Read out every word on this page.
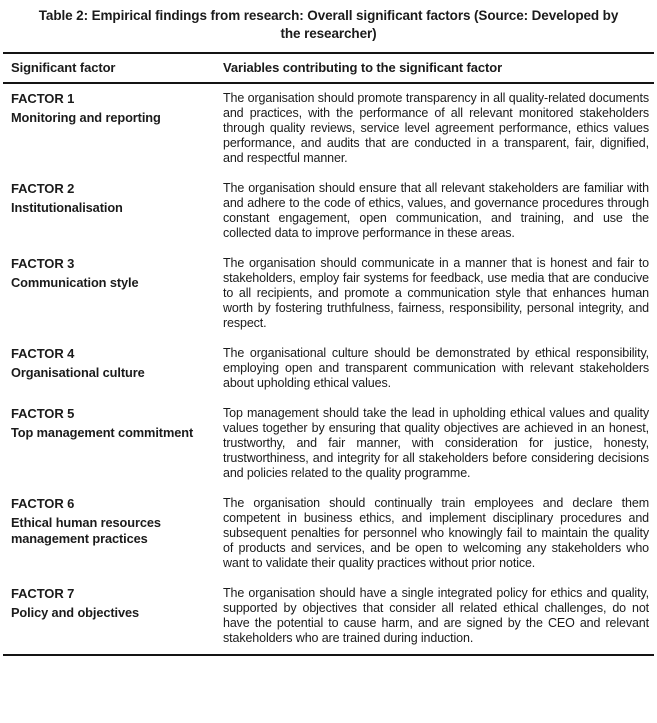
Table 2: Empirical findings from research: Overall significant factors (Source: Developed by the researcher)
Significant factor	Variables contributing to the significant factor
FACTOR 1
Monitoring and reporting
The organisation should promote transparency in all quality-related documents and practices, with the performance of all relevant monitored stakeholders through quality reviews, service level agreement performance, ethics values performance, and audits that are conducted in a transparent, fair, dignified, and respectful manner.
FACTOR 2
Institutionalisation
The organisation should ensure that all relevant stakeholders are familiar with and adhere to the code of ethics, values, and governance procedures through constant engagement, open communication, and training, and use the collected data to improve performance in these areas.
FACTOR 3
Communication style
The organisation should communicate in a manner that is honest and fair to stakeholders, employ fair systems for feedback, use media that are conducive to all recipients, and promote a communication style that enhances human worth by fostering truthfulness, fairness, responsibility, personal integrity, and respect.
FACTOR 4
Organisational culture
The organisational culture should be demonstrated by ethical responsibility, employing open and transparent communication with relevant stakeholders about upholding ethical values.
FACTOR 5
Top management commitment
Top management should take the lead in upholding ethical values and quality values together by ensuring that quality objectives are achieved in an honest, trustworthy, and fair manner, with consideration for justice, honesty, trustworthiness, and integrity for all stakeholders before considering decisions and policies related to the quality programme.
FACTOR 6
Ethical human resources management practices
The organisation should continually train employees and declare them competent in business ethics, and implement disciplinary procedures and subsequent penalties for personnel who knowingly fail to maintain the quality of products and services, and be open to welcoming any stakeholders who want to validate their quality practices without prior notice.
FACTOR 7
Policy and objectives
The organisation should have a single integrated policy for ethics and quality, supported by objectives that consider all related ethical challenges, do not have the potential to cause harm, and are signed by the CEO and relevant stakeholders who are trained during induction.
